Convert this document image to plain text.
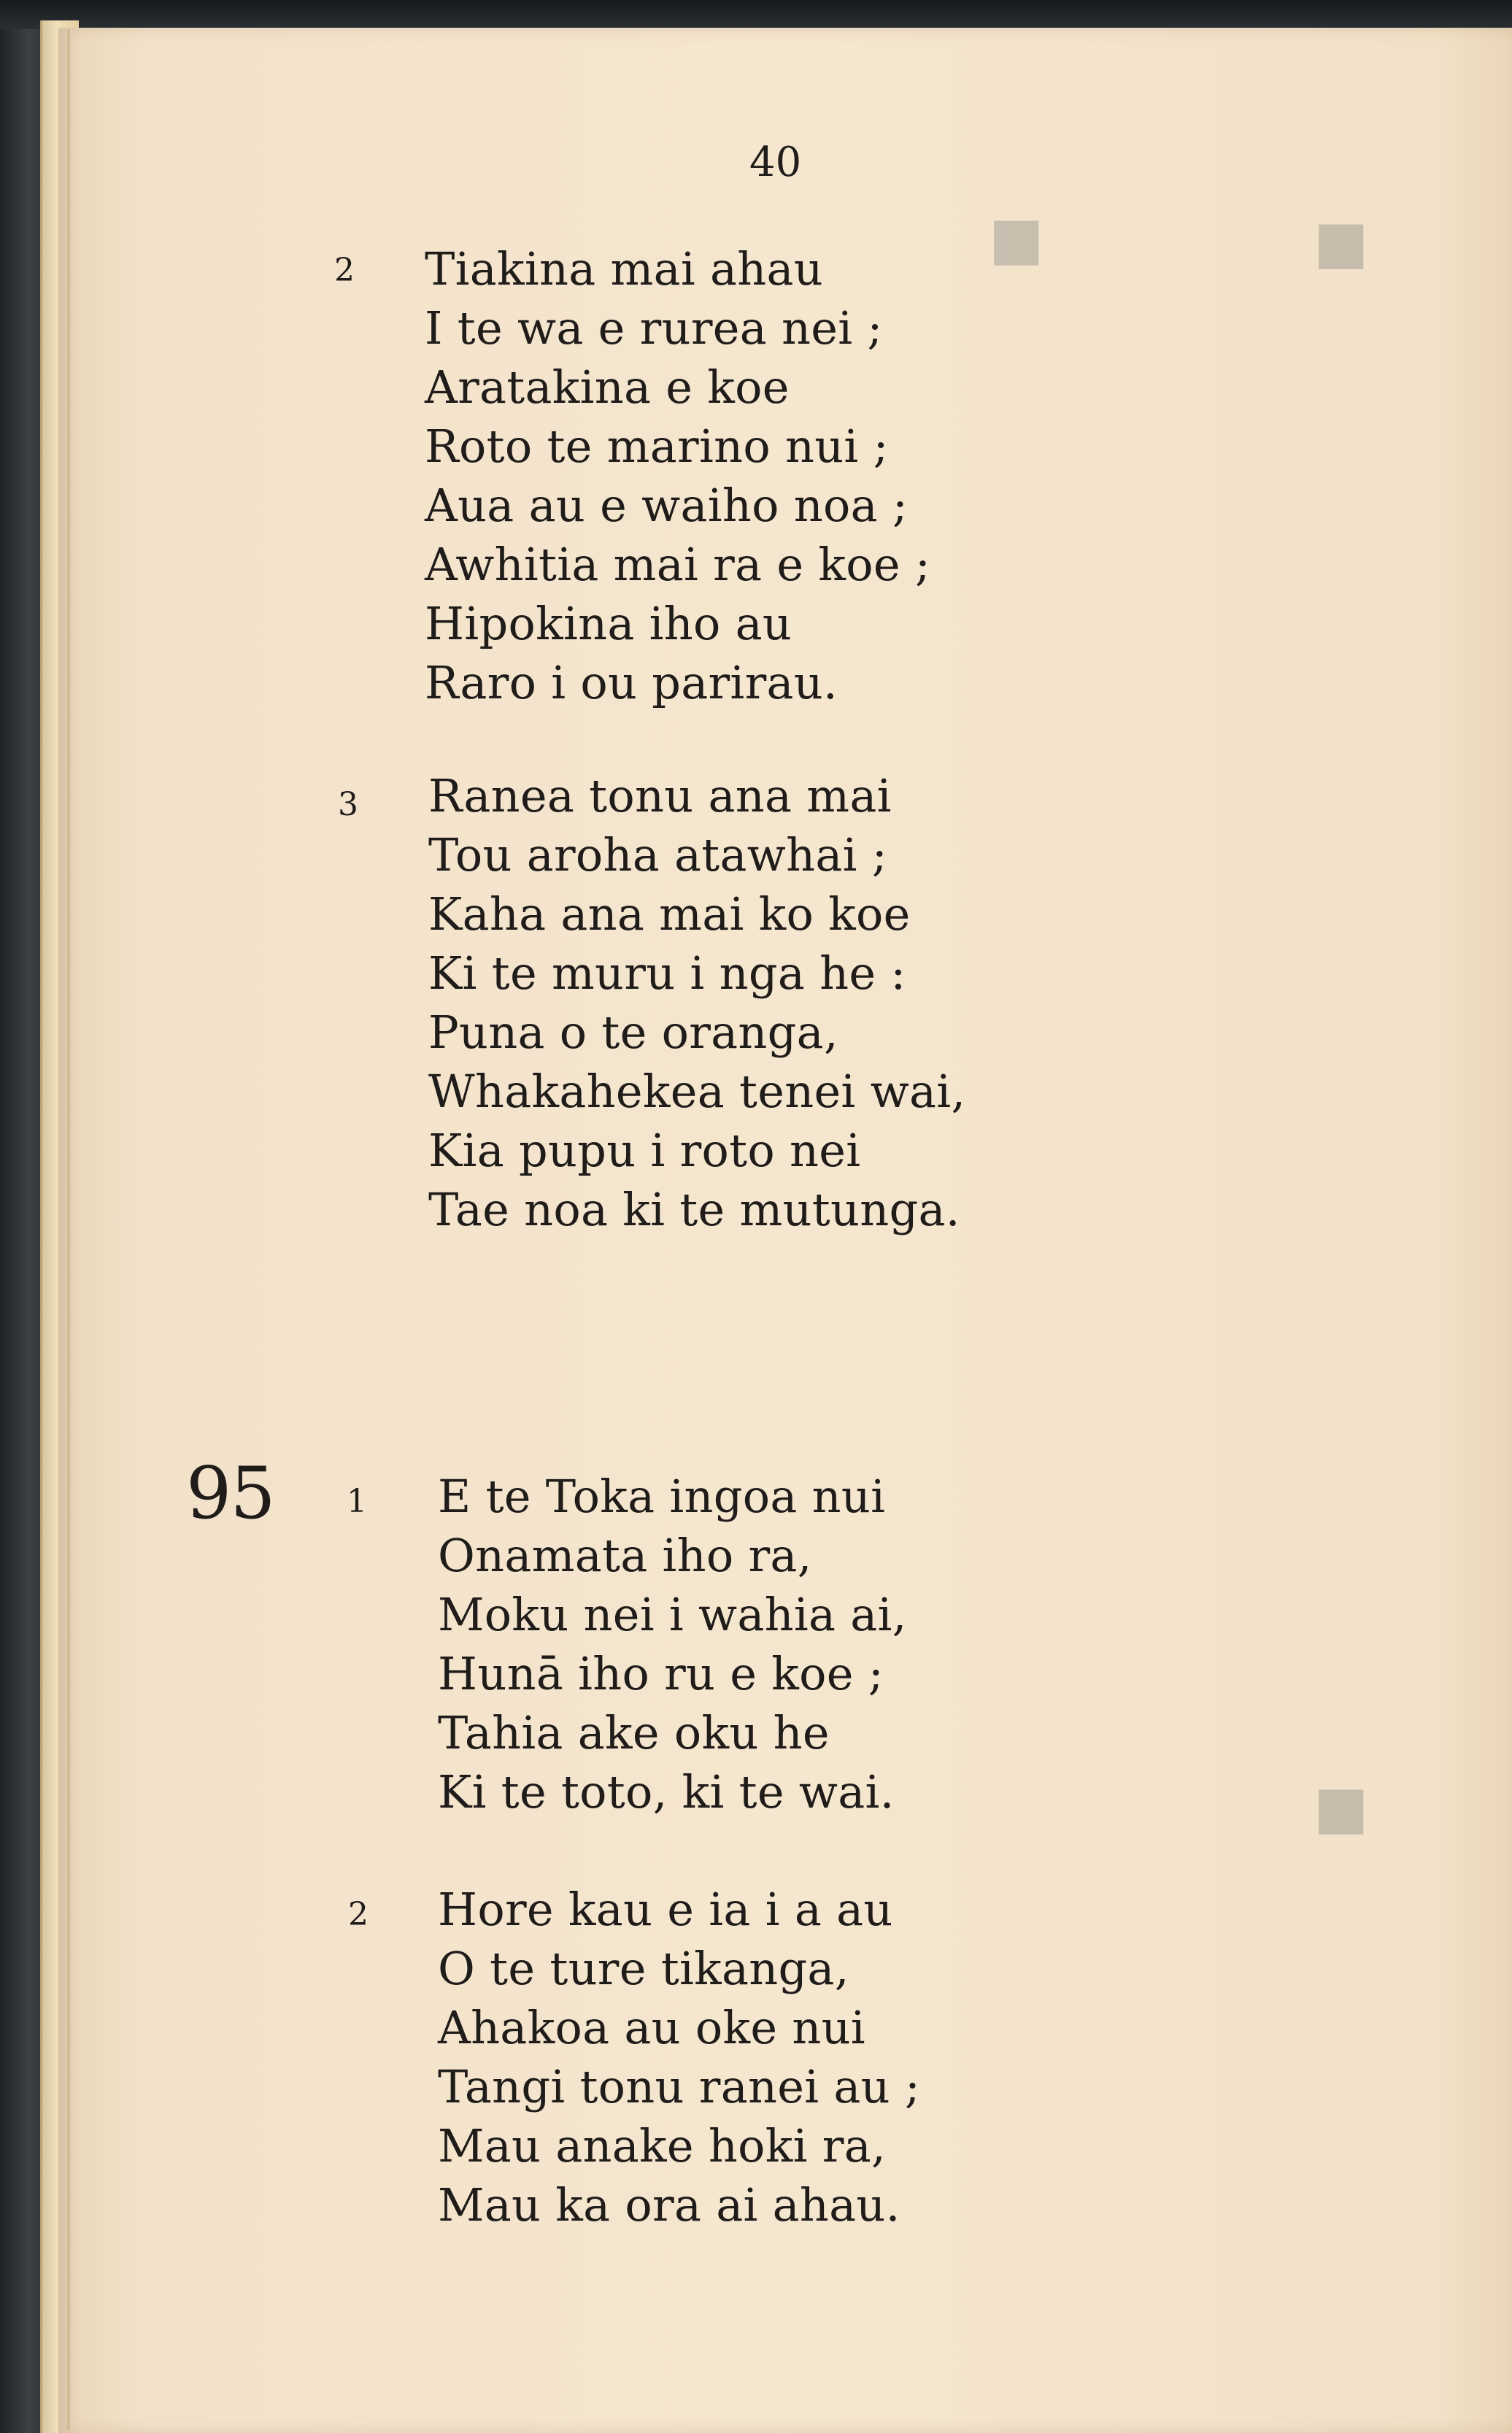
■	■
■
40
2 Tiakina mai ahau
I te wa e rurea nei ;
Aratakina e koe
Roto te marino nui ;
Aua au e waiho noa ;
Awhitia mai ra e koe ;
Hipokina iho au
Raro i ou parirau.
3 Ranea tonu ana mai
Tou aroha atawhai ;
Kaha ana mai ko koe
Ki te muru i nga he :
Puna o te oranga,
Whakahekea tenei wai,
Kia pupu i roto nei
Tae noa ki te mutunga.
95 1 E te Toka ingoa nui
Onamata iho ra,
Moku nei i wahia ai,
Hunā iho ru e koe ;
Tahia ake oku he
Ki te toto, ki te wai.
2 Hore kau e ia i a au
O te ture tikanga,
Ahakoa au oke nui
Tangi tonu ranei au ;
Mau anake hoki ra,
Mau ka ora ai ahau.
